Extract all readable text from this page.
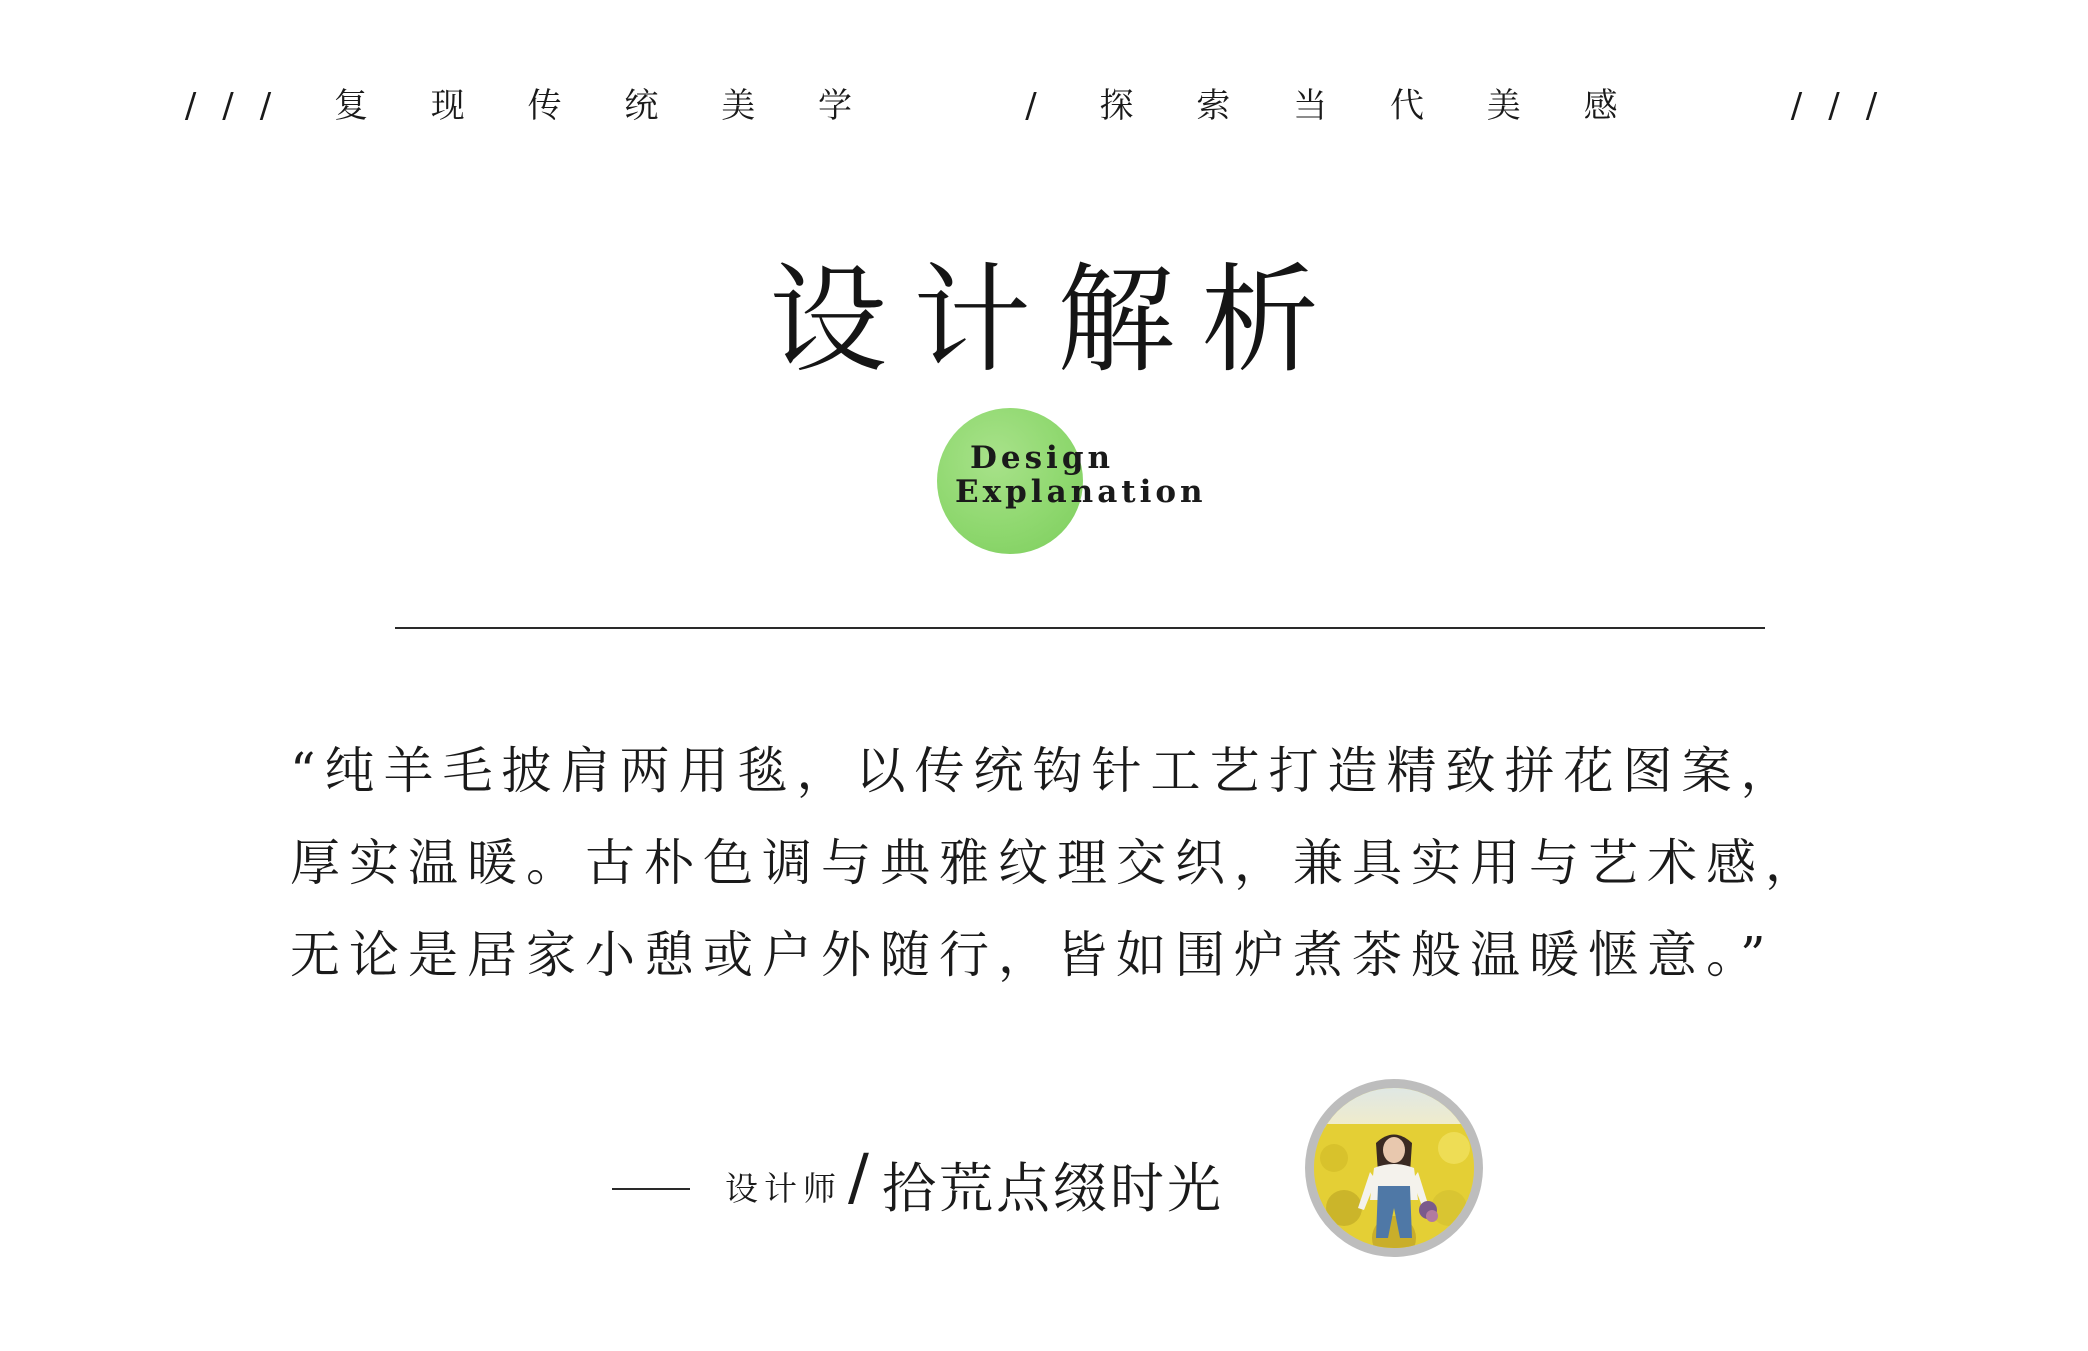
/// 复 现 传 统 美 学    / 探 索 当 代 美 感    ///
设计解析
Design
Explanation
“纯羊毛披肩两用毯，以传统钩针工艺打造精致拼花图案，
厚实温暖。古朴色调与典雅纹理交织，兼具实用与艺术感，
无论是居家小憩或户外随行，皆如围炉煮茶般温暖惬意。”
设计师 / 拾荒点缀时光
